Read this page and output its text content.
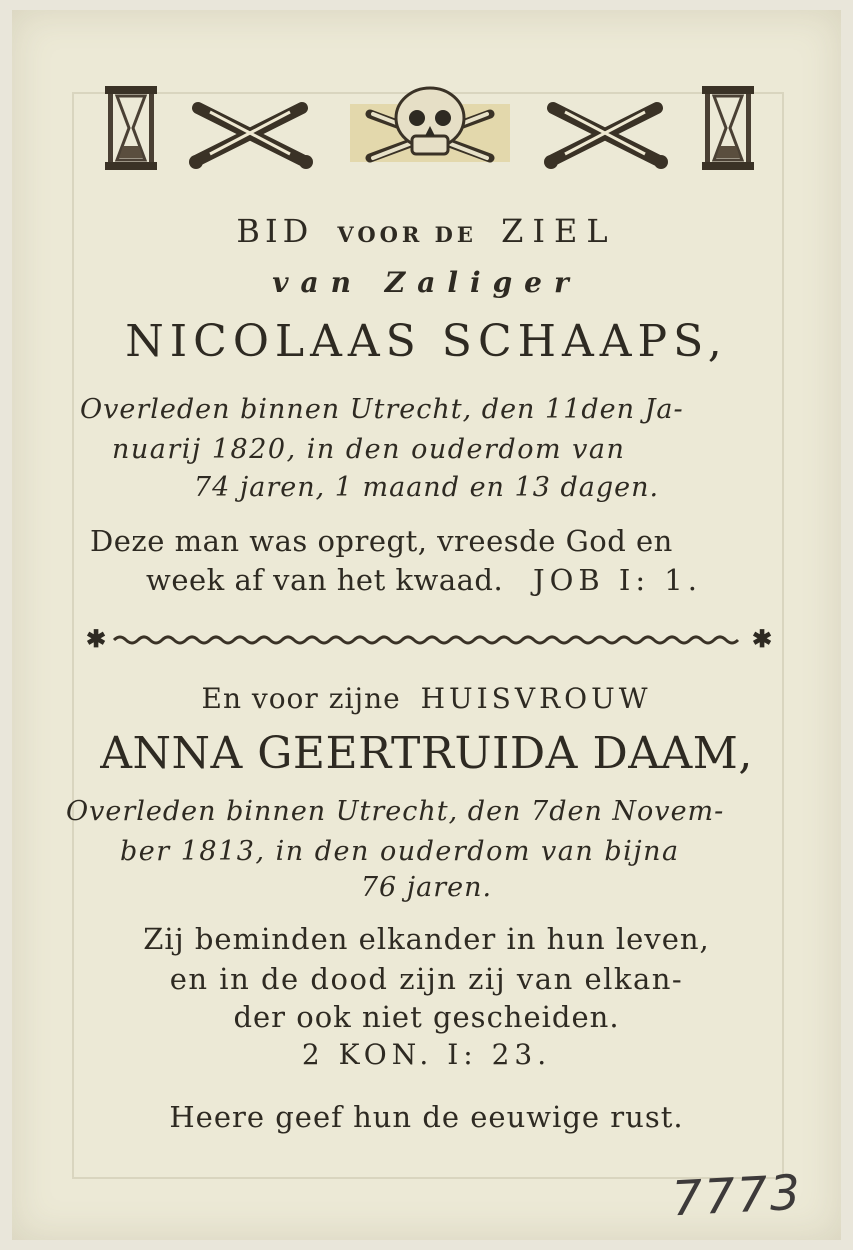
BID VOOR DE ZIEL
van Zaliger
NICOLAAS SCHAAPS,
Overleden binnen Utrecht, den 11den Ja-
nuarij 1820, in den ouderdom van
74 jaren, 1 maand en 13 dagen.
Deze man was opregt, vreesde God en
week af van het kwaad. JOB I: 1.
✱	✱
En voor zijne HUISVROUW
ANNA GEERTRUIDA DAAM,
Overleden binnen Utrecht, den 7den Novem-
ber 1813, in den ouderdom van bijna
76 jaren.
Zij beminden elkander in hun leven,
en in de dood zijn zij van elkan-
der ook niet gescheiden.
2 KON. I: 23.
Heere geef hun de eeuwige rust.
7773
